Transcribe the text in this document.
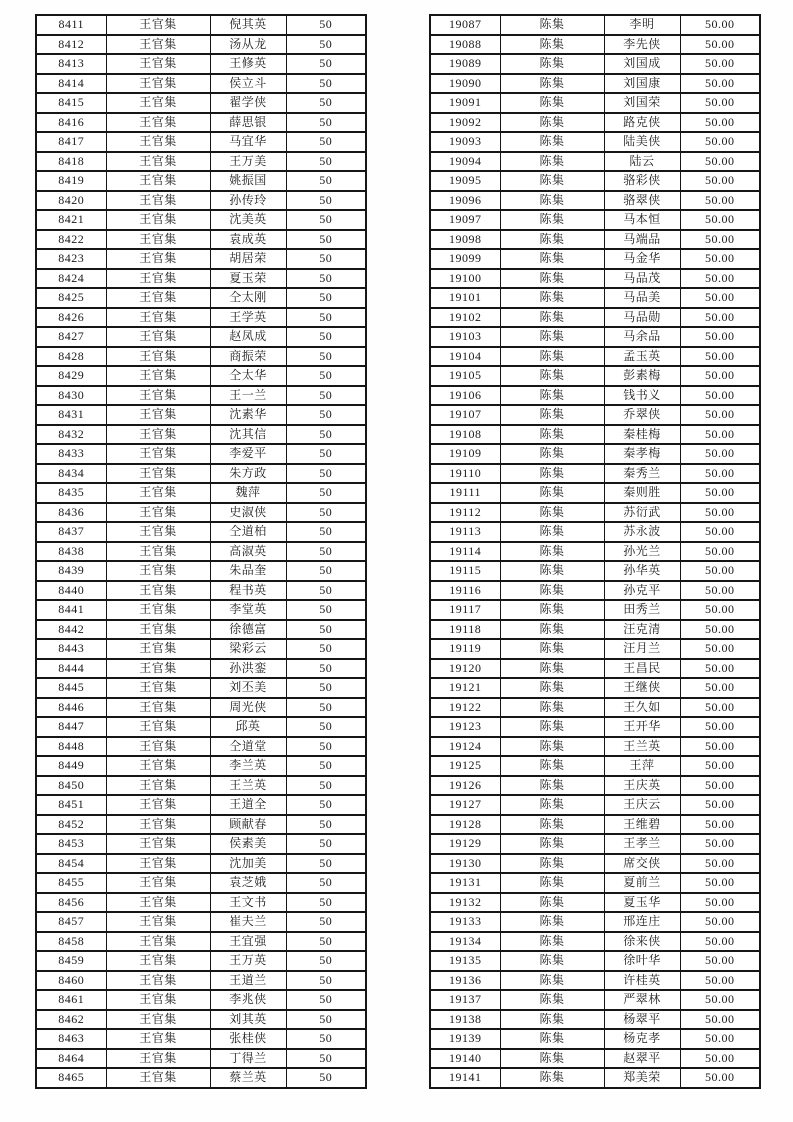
8411	王官集	倪其英	50
8412	王官集	汤从龙	50
8413	王官集	王修英	50
8414	王官集	侯立斗	50
8415	王官集	翟学侠	50
8416	王官集	薛思银	50
8417	王官集	马宜华	50
8418	王官集	王万美	50
8419	王官集	姚振国	50
8420	王官集	孙传玲	50
8421	王官集	沈美英	50
8422	王官集	袁成英	50
8423	王官集	胡居荣	50
8424	王官集	夏玉荣	50
8425	王官集	仝太刚	50
8426	王官集	王学英	50
8427	王官集	赵凤成	50
8428	王官集	商振荣	50
8429	王官集	仝太华	50
8430	王官集	王一兰	50
8431	王官集	沈素华	50
8432	王官集	沈其信	50
8433	王官集	李爱平	50
8434	王官集	朱方政	50
8435	王官集	魏萍	50
8436	王官集	史淑侠	50
8437	王官集	仝道柏	50
8438	王官集	高淑英	50
8439	王官集	朱品奎	50
8440	王官集	程书英	50
8441	王官集	李堂英	50
8442	王官集	徐德富	50
8443	王官集	梁彩云	50
8444	王官集	孙洪銮	50
8445	王官集	刘丕美	50
8446	王官集	周光侠	50
8447	王官集	邱英	50
8448	王官集	仝道堂	50
8449	王官集	李兰英	50
8450	王官集	王兰英	50
8451	王官集	王道全	50
8452	王官集	顾献春	50
8453	王官集	侯素美	50
8454	王官集	沈加美	50
8455	王官集	袁芝娥	50
8456	王官集	王文书	50
8457	王官集	崔夫兰	50
8458	王官集	王宜强	50
8459	王官集	王万英	50
8460	王官集	王道兰	50
8461	王官集	李兆侠	50
8462	王官集	刘其英	50
8463	王官集	张桂侠	50
8464	王官集	丁得兰	50
8465	王官集	蔡兰英	50
19087	陈集	李明	50.00
19088	陈集	李先侠	50.00
19089	陈集	刘国成	50.00
19090	陈集	刘国康	50.00
19091	陈集	刘国荣	50.00
19092	陈集	路克侠	50.00
19093	陈集	陆美侠	50.00
19094	陈集	陆云	50.00
19095	陈集	骆彩侠	50.00
19096	陈集	骆翠侠	50.00
19097	陈集	马本恒	50.00
19098	陈集	马端品	50.00
19099	陈集	马金华	50.00
19100	陈集	马品茂	50.00
19101	陈集	马品美	50.00
19102	陈集	马品勋	50.00
19103	陈集	马余品	50.00
19104	陈集	孟玉英	50.00
19105	陈集	彭素梅	50.00
19106	陈集	钱书义	50.00
19107	陈集	乔翠侠	50.00
19108	陈集	秦桂梅	50.00
19109	陈集	秦孝梅	50.00
19110	陈集	秦秀兰	50.00
19111	陈集	秦则胜	50.00
19112	陈集	苏衍武	50.00
19113	陈集	苏永波	50.00
19114	陈集	孙光兰	50.00
19115	陈集	孙华英	50.00
19116	陈集	孙克平	50.00
19117	陈集	田秀兰	50.00
19118	陈集	汪克清	50.00
19119	陈集	汪月兰	50.00
19120	陈集	王昌民	50.00
19121	陈集	王继侠	50.00
19122	陈集	王久如	50.00
19123	陈集	王开华	50.00
19124	陈集	王兰英	50.00
19125	陈集	王萍	50.00
19126	陈集	王庆英	50.00
19127	陈集	王庆云	50.00
19128	陈集	王维碧	50.00
19129	陈集	王孝兰	50.00
19130	陈集	席交侠	50.00
19131	陈集	夏前兰	50.00
19132	陈集	夏玉华	50.00
19133	陈集	邢连庄	50.00
19134	陈集	徐来侠	50.00
19135	陈集	徐叶华	50.00
19136	陈集	许桂英	50.00
19137	陈集	严翠林	50.00
19138	陈集	杨翠平	50.00
19139	陈集	杨克孝	50.00
19140	陈集	赵翠平	50.00
19141	陈集	郑美荣	50.00
